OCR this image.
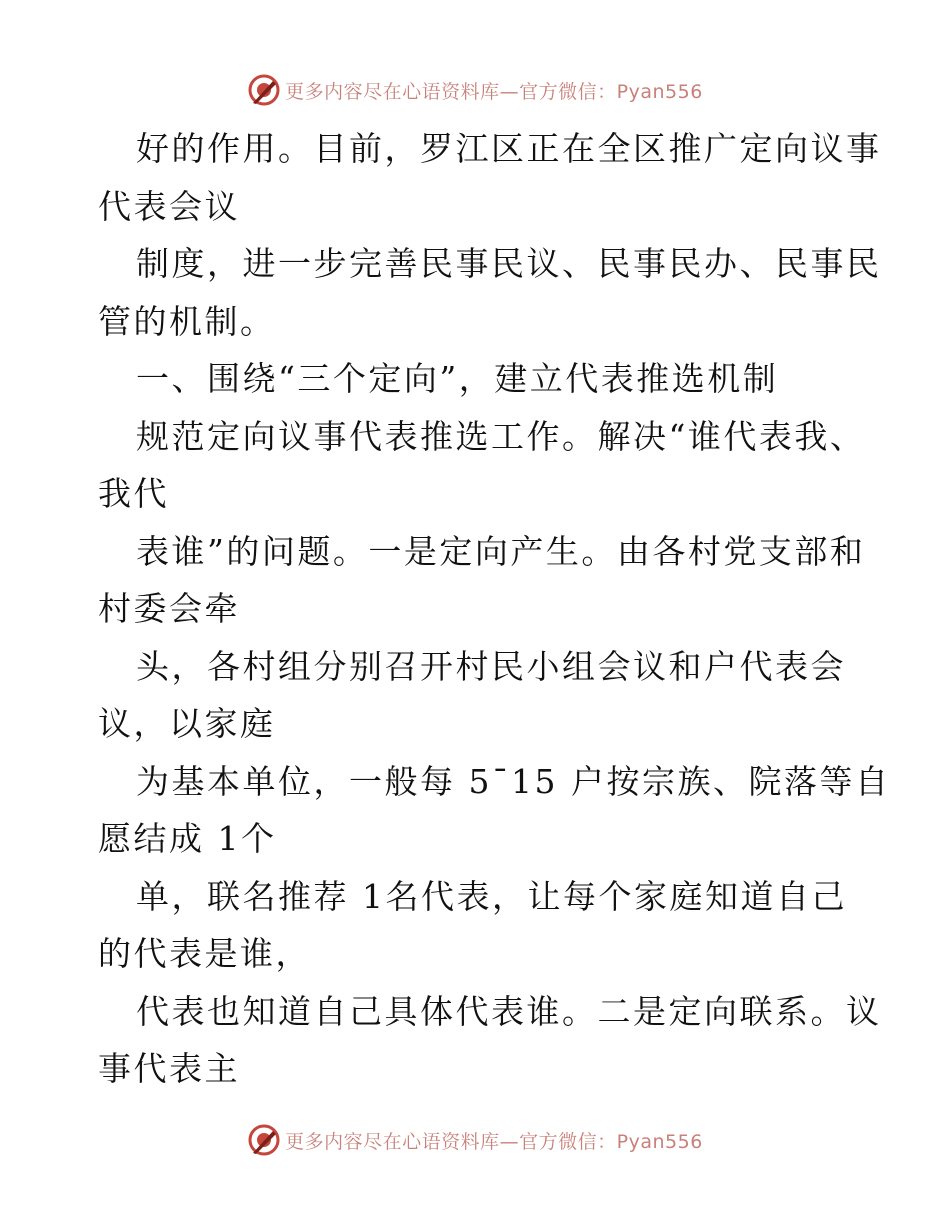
更多内容尽在心语资料库—官方微信：Pyan556

好的作用。目前，罗江区正在全区推广定向议事
代表会议

制度，进一步完善民事民议、民事民办、民事民
管的机制。

一、围绕“三个定向”，建立代表推选机制

规范定向议事代表推选工作。解决“谁代表我、
我代

表谁”的问题。一是定向产生。由各村党支部和
村委会牵

头，各村组分别召开村民小组会议和户代表会
议，以家庭

为基本单位，一般每 5¯15 户按宗族、院落等自
愿结成 1个

单，联名推荐 1名代表，让每个家庭知道自己
的代表是谁，

代表也知道自己具体代表谁。二是定向联系。议
事代表主

更多内容尽在心语资料库—官方微信：Pyan556
